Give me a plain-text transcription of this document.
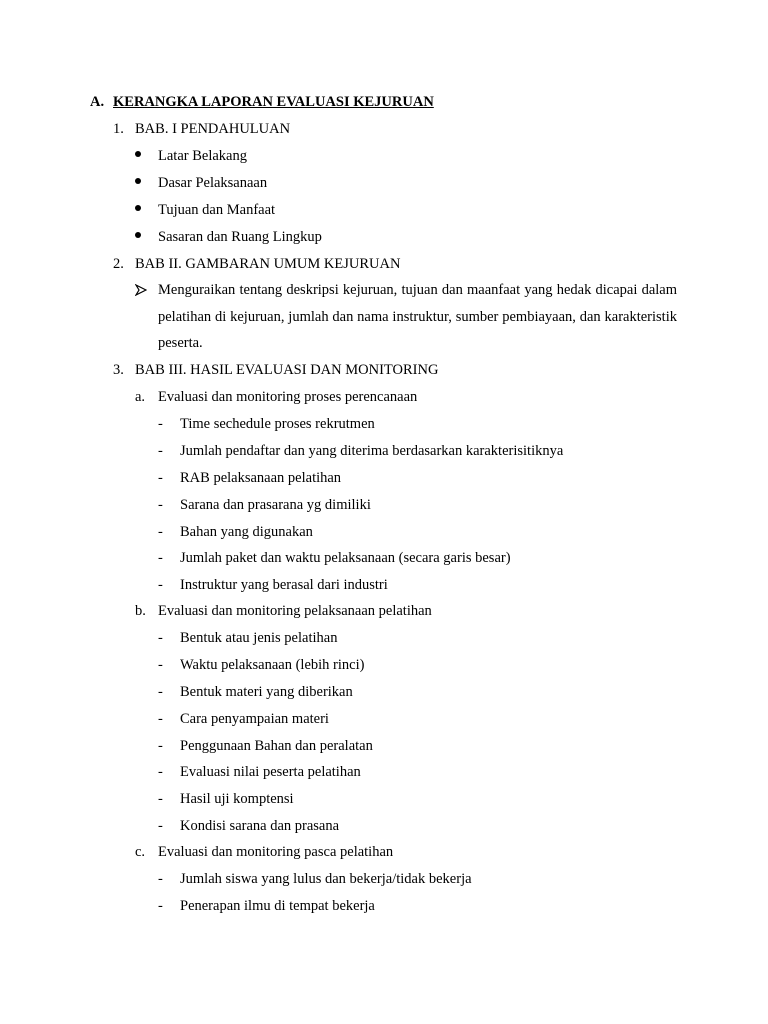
A. KERANGKA LAPORAN EVALUASI KEJURUAN
1. BAB. I PENDAHULUAN
Latar Belakang
Dasar Pelaksanaan
Tujuan dan Manfaat
Sasaran dan Ruang Lingkup
2. BAB II. GAMBARAN UMUM KEJURUAN
Menguraikan tentang deskripsi kejuruan, tujuan dan maanfaat yang hedak dicapai dalam pelatihan di kejuruan, jumlah dan nama instruktur, sumber pembiayaan, dan karakteristik peserta.
3. BAB III. HASIL EVALUASI DAN MONITORING
a. Evaluasi dan monitoring proses perencanaan
- Time sechedule proses rekrutmen
- Jumlah pendaftar dan yang diterima berdasarkan karakterisitiknya
- RAB pelaksanaan pelatihan
- Sarana dan prasarana yg dimiliki
- Bahan yang digunakan
- Jumlah paket dan waktu pelaksanaan (secara garis besar)
- Instruktur yang berasal dari industri
b. Evaluasi dan monitoring pelaksanaan pelatihan
- Bentuk atau jenis pelatihan
- Waktu pelaksanaan (lebih rinci)
- Bentuk materi yang diberikan
- Cara penyampaian materi
- Penggunaan Bahan dan peralatan
- Evaluasi nilai peserta pelatihan
- Hasil uji komptensi
- Kondisi sarana dan prasana
c. Evaluasi dan monitoring pasca pelatihan
- Jumlah siswa yang lulus dan bekerja/tidak bekerja
- Penerapan ilmu di tempat bekerja
